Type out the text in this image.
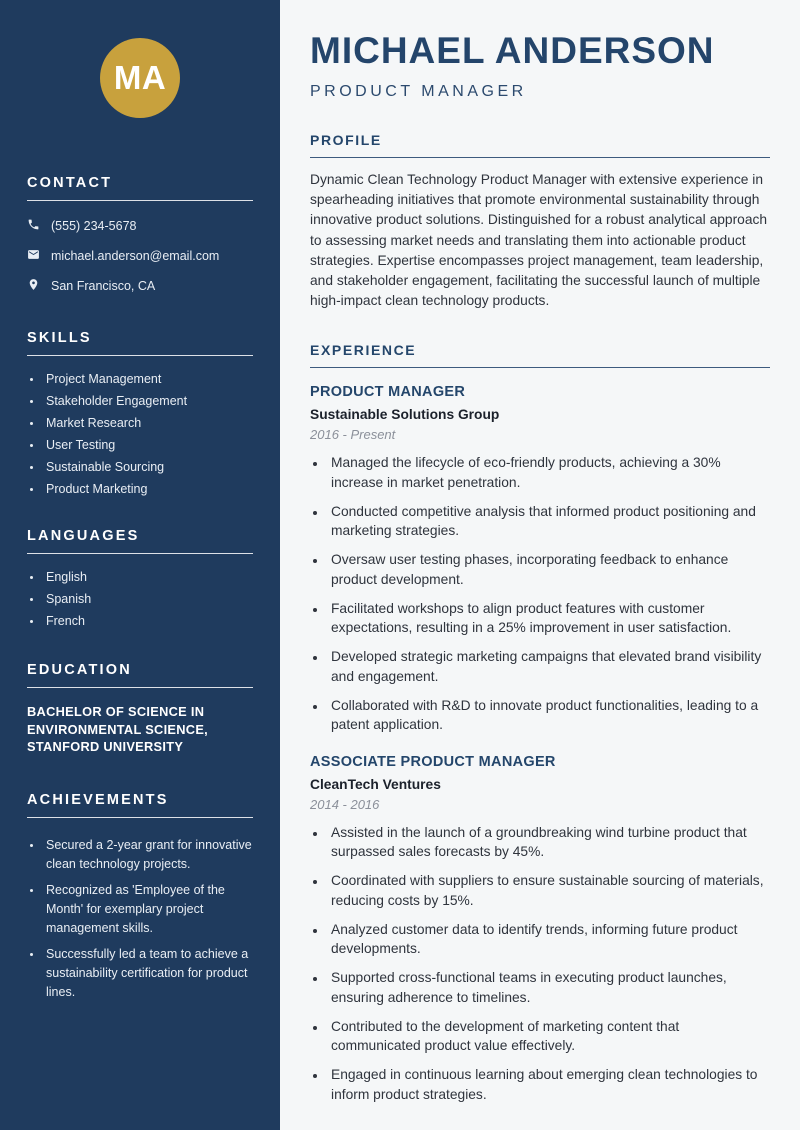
MA
CONTACT
(555) 234-5678
michael.anderson@email.com
San Francisco, CA
SKILLS
• Project Management
• Stakeholder Engagement
• Market Research
• User Testing
• Sustainable Sourcing
• Product Marketing
LANGUAGES
• English
• Spanish
• French
EDUCATION

BACHELOR OF SCIENCE IN ENVIRONMENTAL SCIENCE, STANFORD UNIVERSITY

ACHIEVEMENTS
• Secured a 2-year grant for innovative clean technology projects.
• Recognized as 'Employee of the Month' for exemplary project management skills.
• Successfully led a team to achieve a sustainability certification for product lines.
MICHAEL ANDERSON
PRODUCT MANAGER
PROFILE

Dynamic Clean Technology Product Manager with extensive experience in spearheading initiatives that promote environmental sustainability through innovative product solutions. Distinguished for a robust analytical approach to assessing market needs and translating them into actionable product strategies. Expertise encompasses project management, team leadership, and stakeholder engagement, facilitating the successful launch of multiple high-impact clean technology products.

EXPERIENCE
PRODUCT MANAGER
Sustainable Solutions Group
2016 - Present
• Managed the lifecycle of eco-friendly products, achieving a 30% increase in market penetration.
• Conducted competitive analysis that informed product positioning and marketing strategies.
• Oversaw user testing phases, incorporating feedback to enhance product development.
• Facilitated workshops to align product features with customer expectations, resulting in a 25% improvement in user satisfaction.
• Developed strategic marketing campaigns that elevated brand visibility and engagement.
• Collaborated with R&D to innovate product functionalities, leading to a patent application.
ASSOCIATE PRODUCT MANAGER
CleanTech Ventures
2014 - 2016
• Assisted in the launch of a groundbreaking wind turbine product that surpassed sales forecasts by 45%.
• Coordinated with suppliers to ensure sustainable sourcing of materials, reducing costs by 15%.
• Analyzed customer data to identify trends, informing future product developments.
• Supported cross-functional teams in executing product launches, ensuring adherence to timelines.
• Contributed to the development of marketing content that communicated product value effectively.
• Engaged in continuous learning about emerging clean technologies to inform product strategies.
